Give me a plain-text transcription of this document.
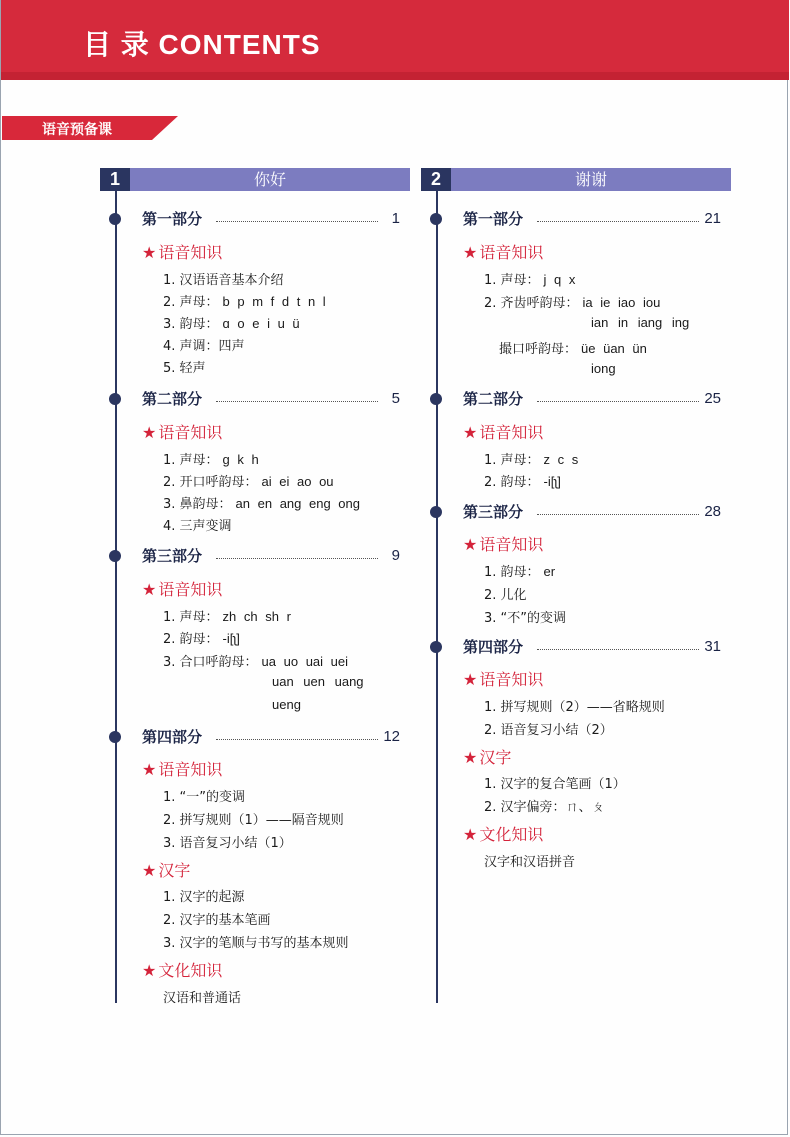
目 录 CONTENTS
语音预备课
1	你好
第一部分	1
★ 语音知识
1. 汉语语音基本介绍
2. 声母： b p m f d t n l
3. 韵母： ɑ o e i u ü
4. 声调：四声
5. 轻声
第二部分	5
★ 语音知识
1. 声母： g k h
2. 开口呼韵母： ai ei ao ou
3. 鼻韵母： an en ang eng ong
4. 三声变调
第三部分	9
★ 语音知识
1. 声母： zh ch sh r
2. 韵母： -i[ʅ]
3. 合口呼韵母： ua uo uai uei
uan uen uang
ueng
第四部分	12
★ 语音知识
1. “一”的变调
2. 拼写规则（1）——隔音规则
3. 语音复习小结（1）
★ 汉字
1. 汉字的起源
2. 汉字的基本笔画
3. 汉字的笔顺与书写的基本规则
★ 文化知识
汉语和普通话
2	谢谢
第一部分	21
★ 语音知识
1. 声母： j q x
2. 齐齿呼韵母： ia ie iao iou
ian in iang ing
撮口呼韵母： üe üan ün
iong
第二部分	25
★ 语音知识
1. 声母： z c s
2. 韵母： -i[ʅ]
第三部分	28
★ 语音知识
1. 韵母： er
2. 儿化
3. “不”的变调
第四部分	31
★ 语音知识
1. 拼写规则（2）——省略规则
2. 语音复习小结（2）
★ 汉字
1. 汉字的复合笔画（1）
2. 汉字偏旁：ㄇ、ㄆ
★ 文化知识
汉字和汉语拼音
